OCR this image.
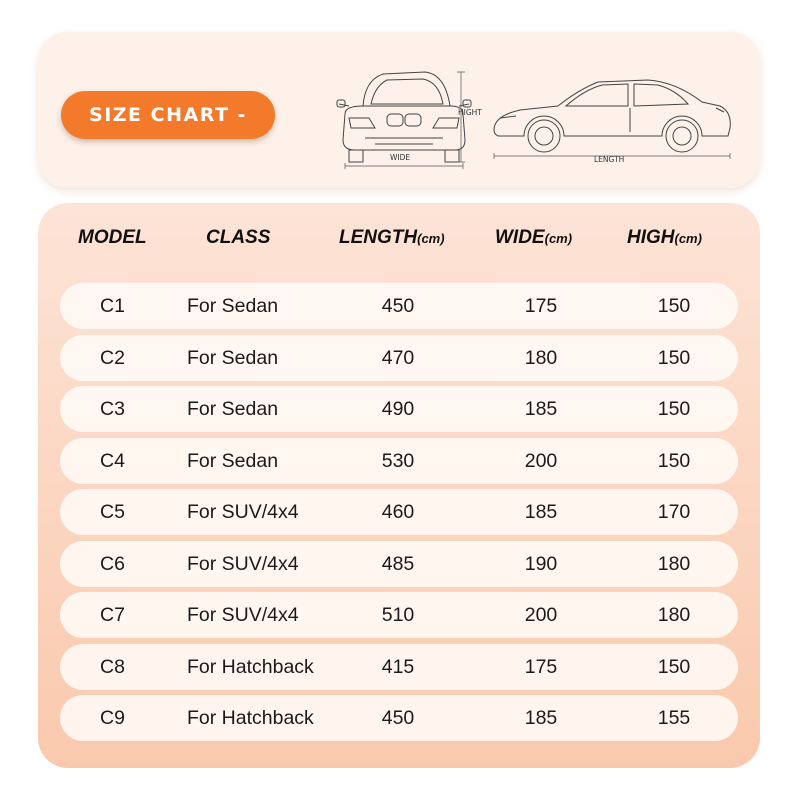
SIZE CHART -	HIGHT
WIDE	LENGTH
MODEL	CLASS	LENGTH (cm)	WIDE (cm)	HIGH (cm)
C1	For Sedan	450	175	150
C2	For Sedan	470	180	150
C3	For Sedan	490	185	150
C4	For Sedan	530	200	150
C5	For SUV/4x4	460	185	170
C6	For SUV/4x4	485	190	180
C7	For SUV/4x4	510	200	180
C8	For Hatchback	415	175	150
C9	For Hatchback	450	185	155
